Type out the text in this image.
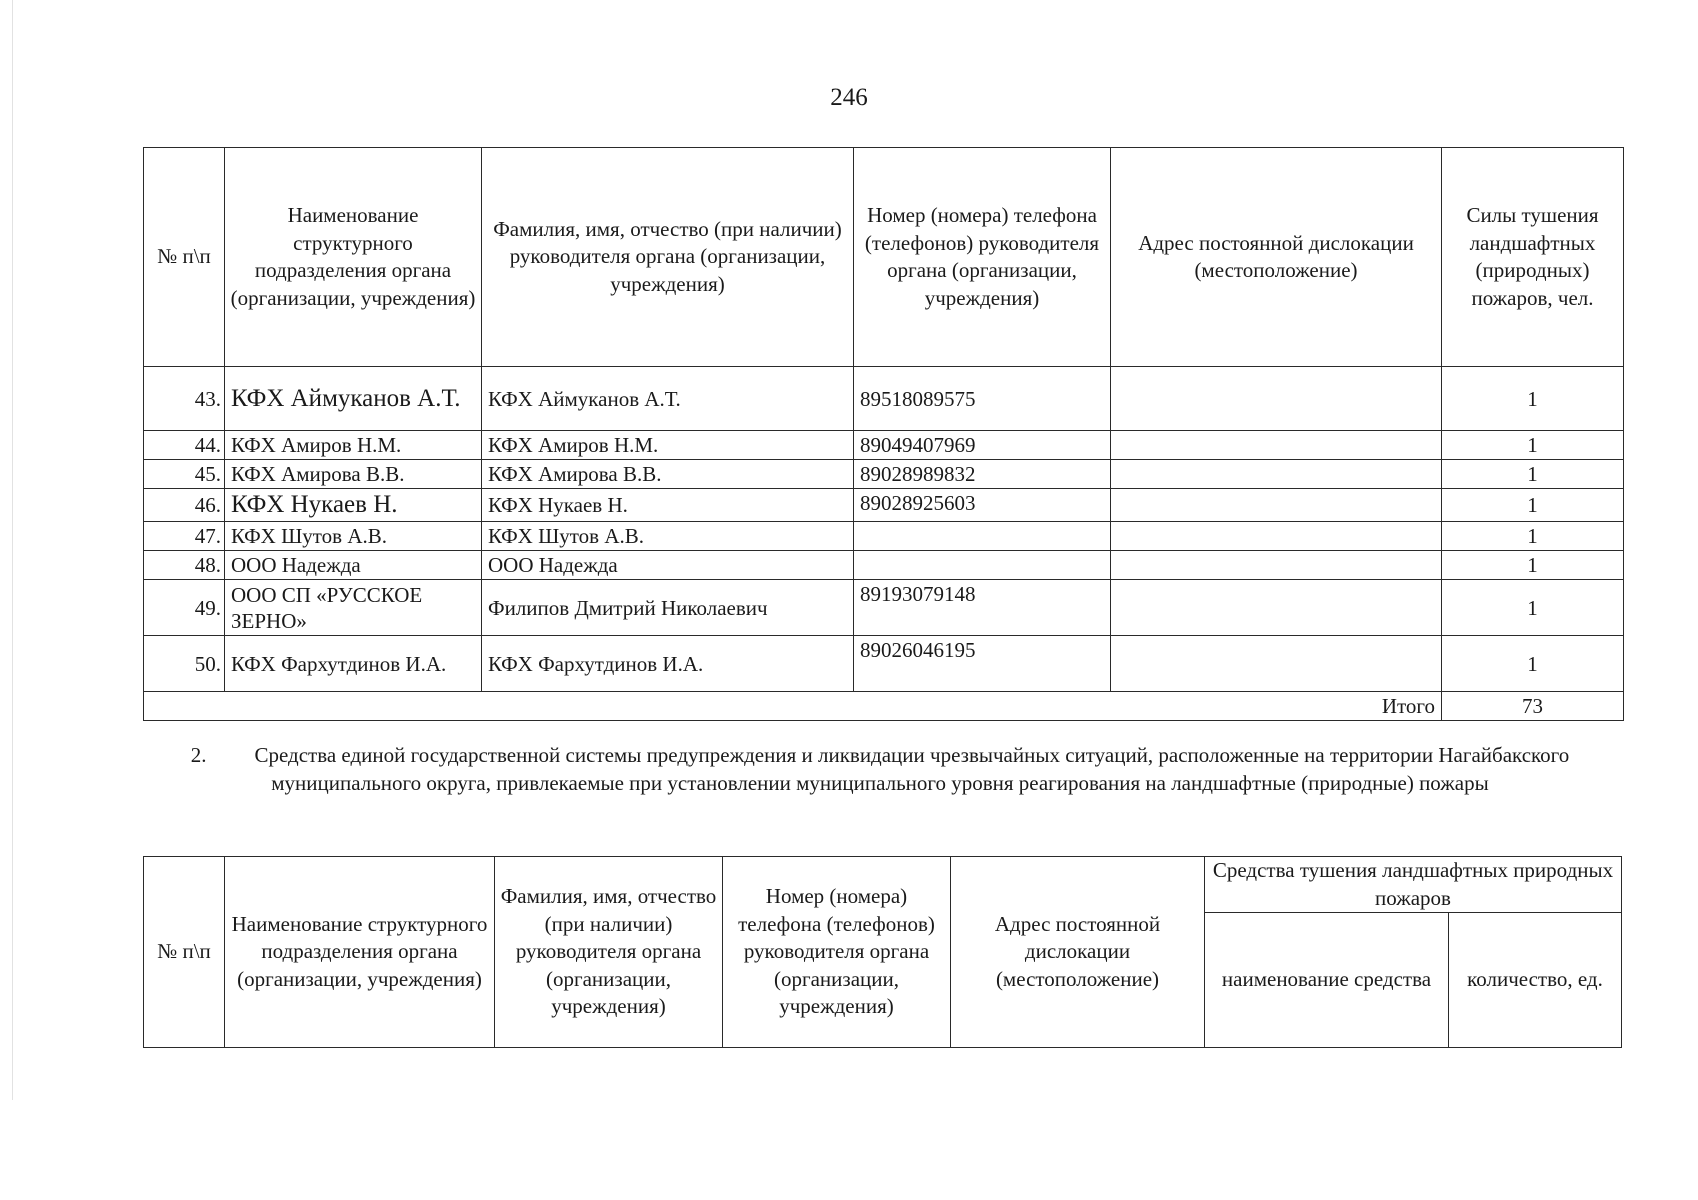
246
№ п\п	Наименование структурного подразделения органа (организации, учреждения)	Фамилия, имя, отчество (при наличии) руководителя органа (организации, учреждения)	Номер (номера) телефона (телефонов) руководителя органа (организации, учреждения)	Адрес постоянной дислокации (местоположение)	Силы тушения ландшафтных (природных) пожаров, чел.
43.	КФХ Аймуканов А.Т.	КФХ Аймуканов А.Т.	89518089575		1
44.	КФХ Амиров Н.М.	КФХ Амиров Н.М.	89049407969		1
45.	КФХ Амирова В.В.	КФХ Амирова В.В.	89028989832		1
46.	КФХ Нукаев Н.	КФХ Нукаев Н.	89028925603		1
47.	КФХ Шутов А.В.	КФХ Шутов А.В.			1
48.	ООО Надежда	ООО Надежда			1
49.	ООО СП «РУССКОЕ ЗЕРНО»	Филипов Дмитрий Николаевич	89193079148		1
50.	КФХ Фархутдинов И.А.	КФХ Фархутдинов И.А.	89026046195		1
Итого					73
2. Средства единой государственной системы предупреждения и ликвидации чрезвычайных ситуаций, расположенные на территории Нагайбакского муниципального округа, привлекаемые при установлении муниципального уровня реагирования на ландшафтные (природные) пожары
№ п\п	Наименование структурного подразделения органа (организации, учреждения)	Фамилия, имя, отчество (при наличии) руководителя органа (организации, учреждения)	Номер (номера) телефона (телефонов) руководителя органа (организации, учреждения)	Адрес постоянной дислокации (местоположение)	Средства тушения ландшафтных природных пожаров	
					наименование средства	количество, ед.
